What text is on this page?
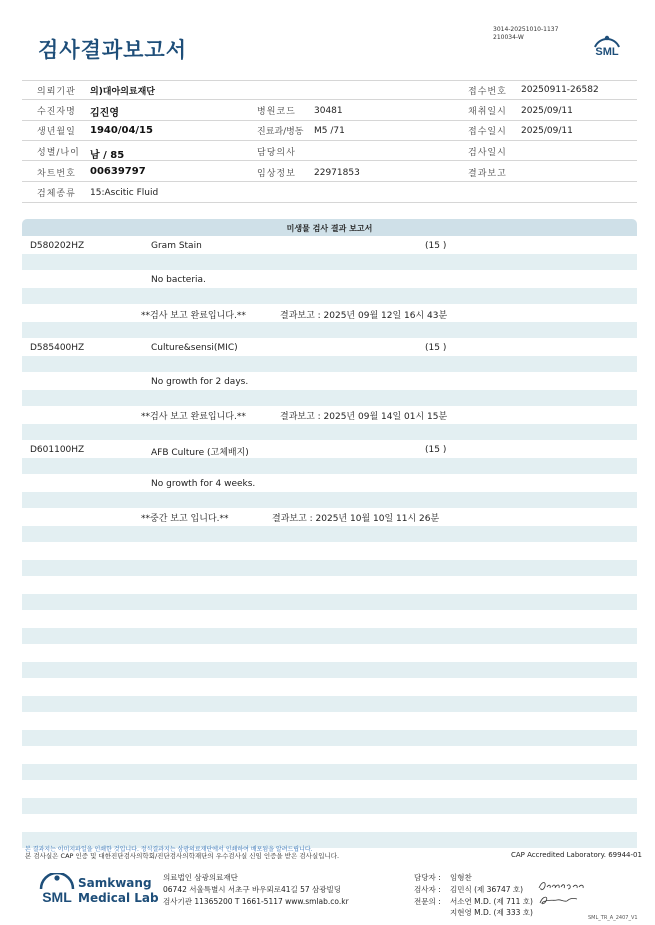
검사결과보고서
3014-20251010-1137
210034-W
SML
의뢰기관 의)대아의료재단	접수번호 20250911-26582
수진자명 김진영	병원코드 30481	채취일시 2025/09/11
생년월일 1940/04/15	진료과/병동 M5 /71	접수일시 2025/09/11
성별/나이 남 / 85	담당의사	검사일시
차트번호 00639797	임상정보 22971853	결과보고
검체종류 15:Ascitic Fluid
미생물 검사 결과 보고서
D580202HZ	Gram Stain	(15 )
No bacteria.
**검사 보고 완료입니다.**	결과보고 : 2025년 09월 12일 16시 43분
D585400HZ	Culture&sensi(MIC)	(15 )
No growth for 2 days.
**검사 보고 완료입니다.**	결과보고 : 2025년 09월 14일 01시 15분
D601100HZ	AFB Culture (고체배지)	(15 )
No growth for 4 weeks.
**중간 보고 입니다.**	결과보고 : 2025년 10월 10일 11시 26분
본 결과지는 이미지파일을 인쇄한 것입니다. 정식결과지는 삼광의료재단에서 인쇄하여 배포됨을 알려드립니다.
본 검사실은 CAP 인증 및 대한진단검사의학회/진단검사의학재단의 우수검사실 신임 인증을 받은 검사실입니다.	CAP Accredited Laboratory. 69944-01
SML
Samkwang
Medical Lab
의료법인 삼광의료재단
06742 서울특별시 서초구 바우뫼로41길 57 삼광빌딩
검사기관 11365200 T 1661-5117 www.smlab.co.kr
담당자 : 임형찬
검사자 : 김민식 (제 36747 호)
전문의 : 서소연 M.D. (제 711 호)
지현영 M.D. (제 333 호)
SML_TR_A_2407_V1
